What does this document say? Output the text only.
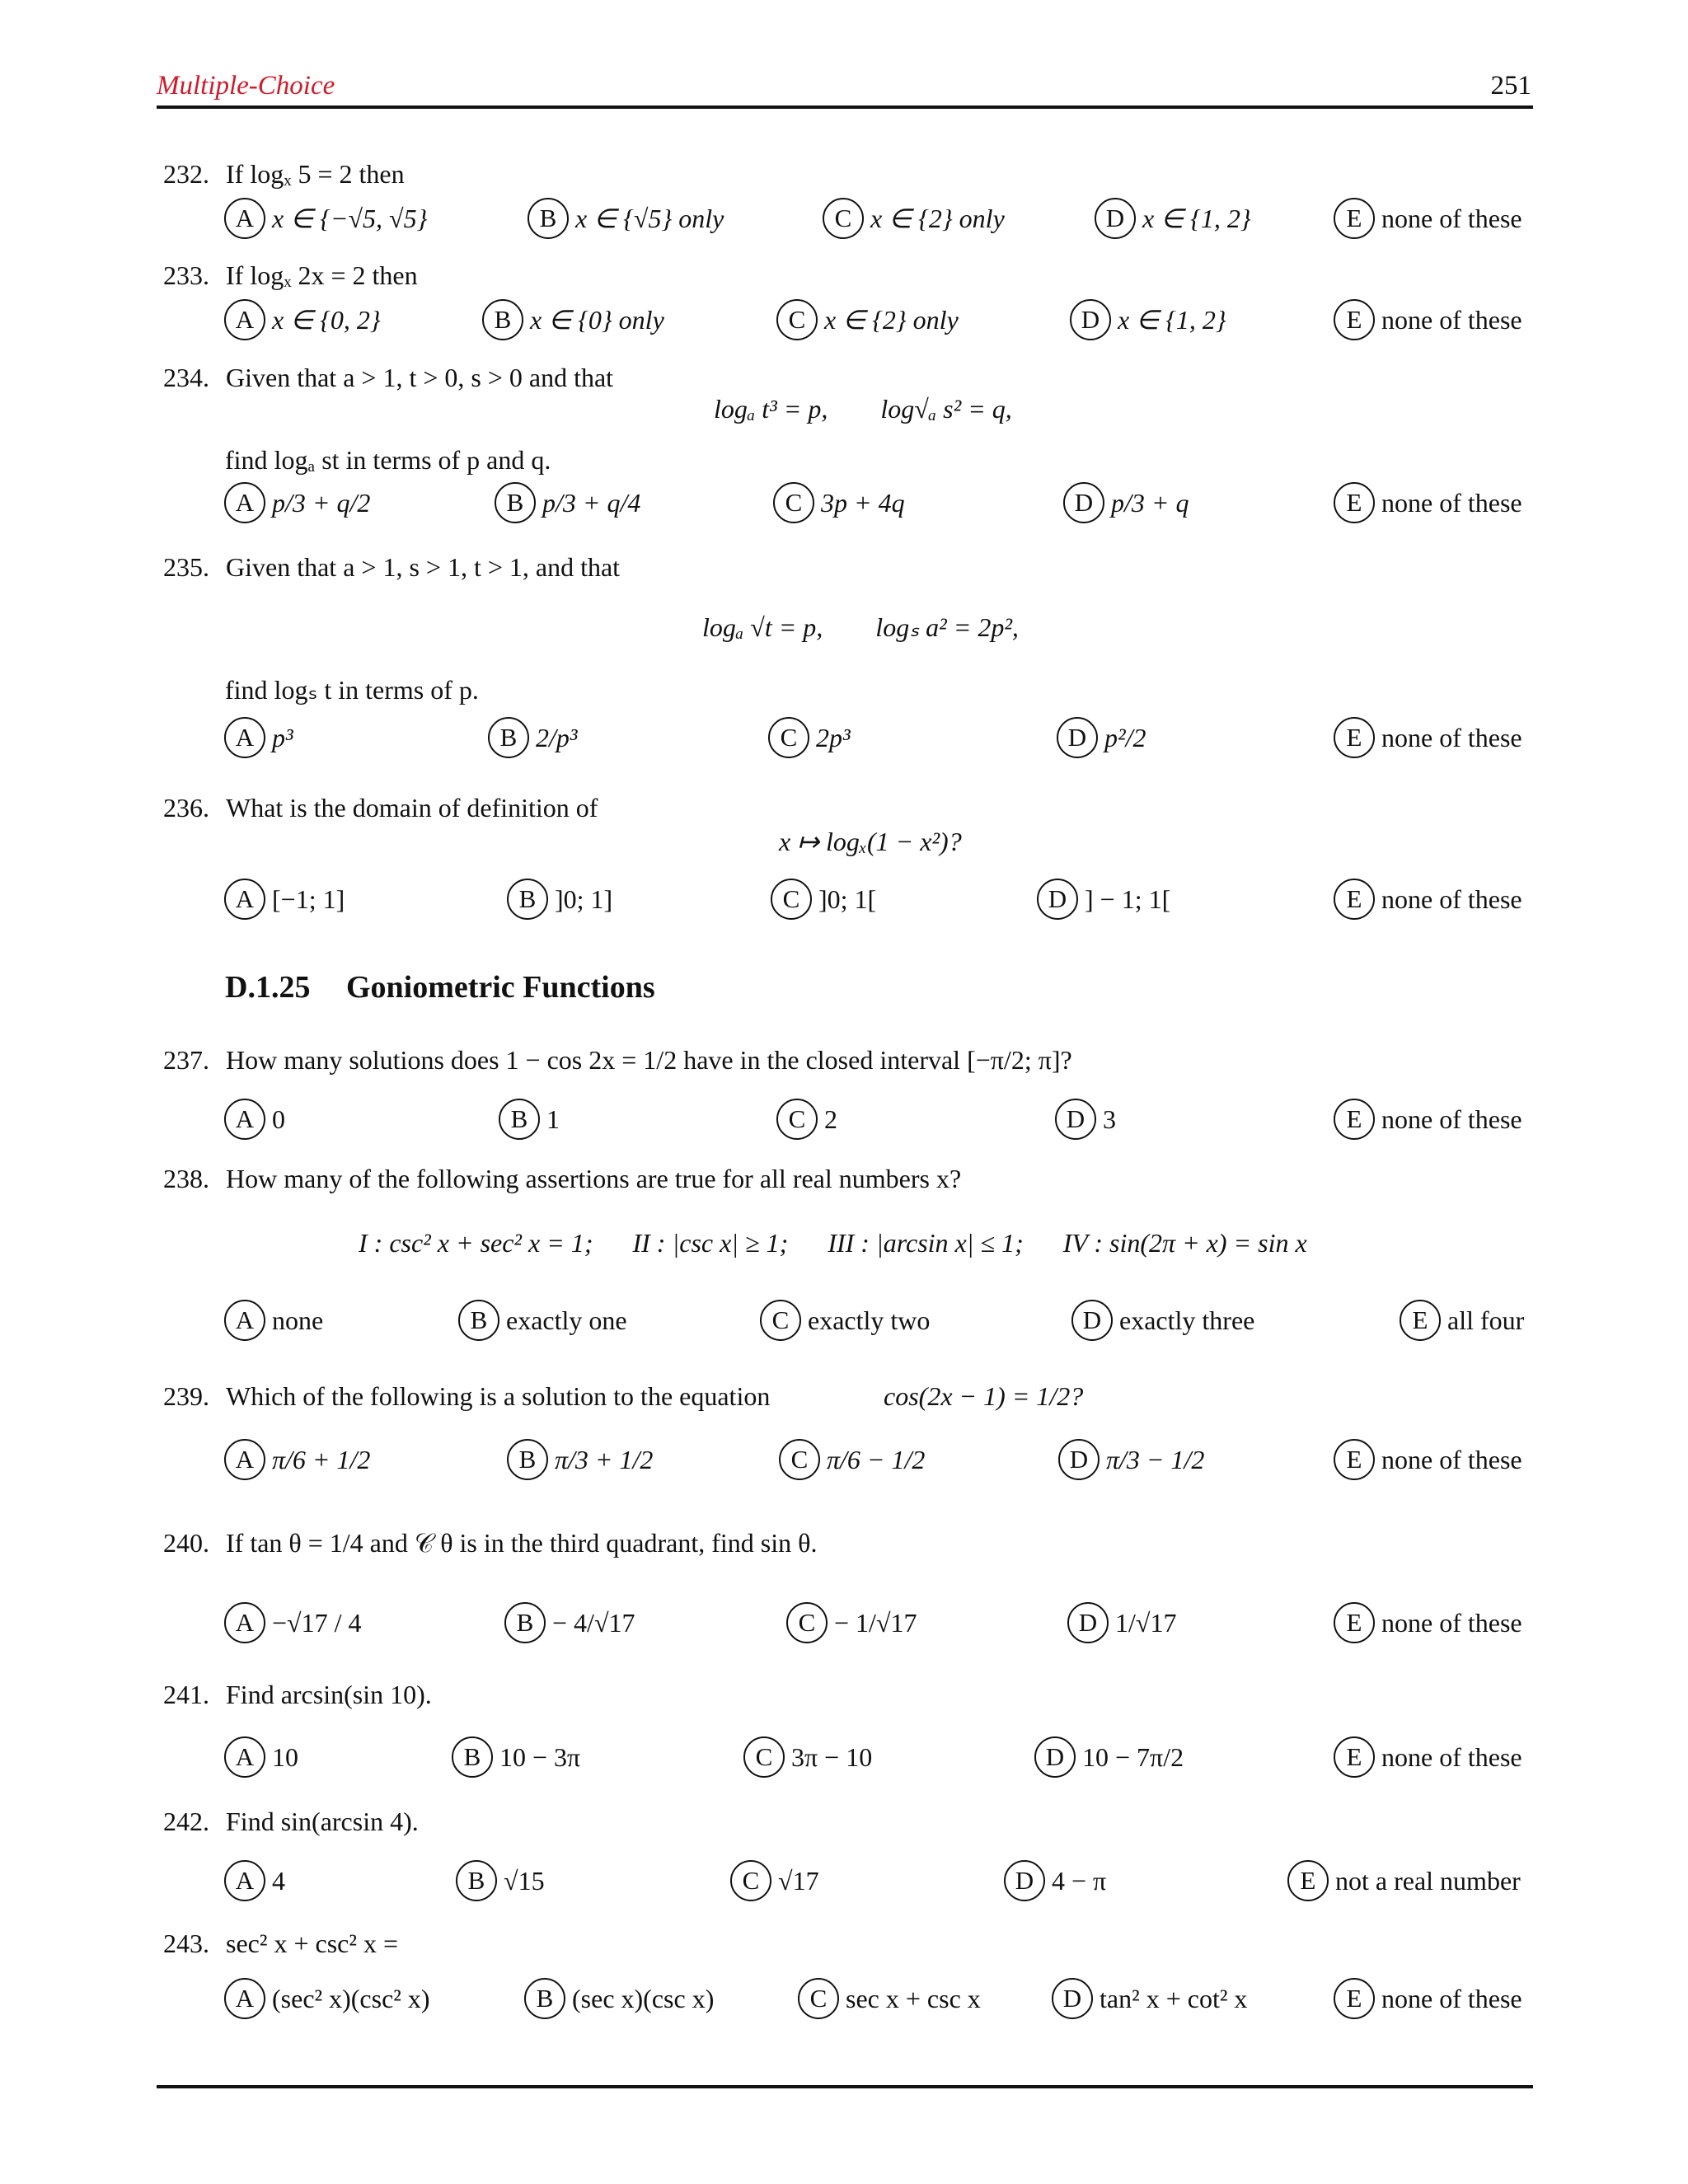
Multiple-Choice	251
232. If logₓ 5 = 2 then
A x ∈ {−√5, √5}	B x ∈ {√5} only	C x ∈ {2} only	D x ∈ {1, 2}	E none of these
233. If logₓ 2x = 2 then
A x ∈ {0, 2}	B x ∈ {0} only	C x ∈ {2} only	D x ∈ {1, 2}	E none of these
234. Given that a > 1, t > 0, s > 0 and that
logₐ t³ = p,        log√ₐ s² = q,
find logₐ st in terms of p and q.
A p/3 + q/2	B p/3 + q/4	C 3p + 4q	D p/3 + q	E none of these
235. Given that a > 1, s > 1, t > 1, and that
logₐ √t = p,        logₛ a² = 2p²,
find logₛ t in terms of p.
A p³	B 2/p³	C 2p³	D p²/2	E none of these
236. What is the domain of definition of
x ↦ logₓ(1 − x²)?
A [−1; 1]	B ]0; 1]	C ]0; 1[	D ] − 1; 1[	E none of these
D.1.25 Goniometric Functions
237. How many solutions does 1 − cos 2x = 1/2 have in the closed interval [−π/2; π]?
A 0	B 1	C 2	D 3	E none of these
238. How many of the following assertions are true for all real numbers x?
I : csc² x + sec² x = 1;      II : |csc x| ≥ 1;      III : |arcsin x| ≤ 1;      IV : sin(2π + x) = sin x
A none	B exactly one	C exactly two	D exactly three	E all four
239. Which of the following is a solution to the equation	cos(2x − 1) = 1/2?
A π/6 + 1/2	B π/3 + 1/2	C π/6 − 1/2	D π/3 − 1/2	E none of these
240. If tan θ = 1/4 and 𝒞 θ is in the third quadrant, find sin θ.
A −√17 / 4	B − 4/√17	C − 1/√17	D 1/√17	E none of these
241. Find arcsin(sin 10).
A 10	B 10 − 3π	C 3π − 10	D 10 − 7π/2	E none of these
242. Find sin(arcsin 4).
A 4	B √15	C √17	D 4 − π	E not a real number
243. sec² x + csc² x =
A (sec² x)(csc² x)	B (sec x)(csc x)	C sec x + csc x	D tan² x + cot² x	E none of these
